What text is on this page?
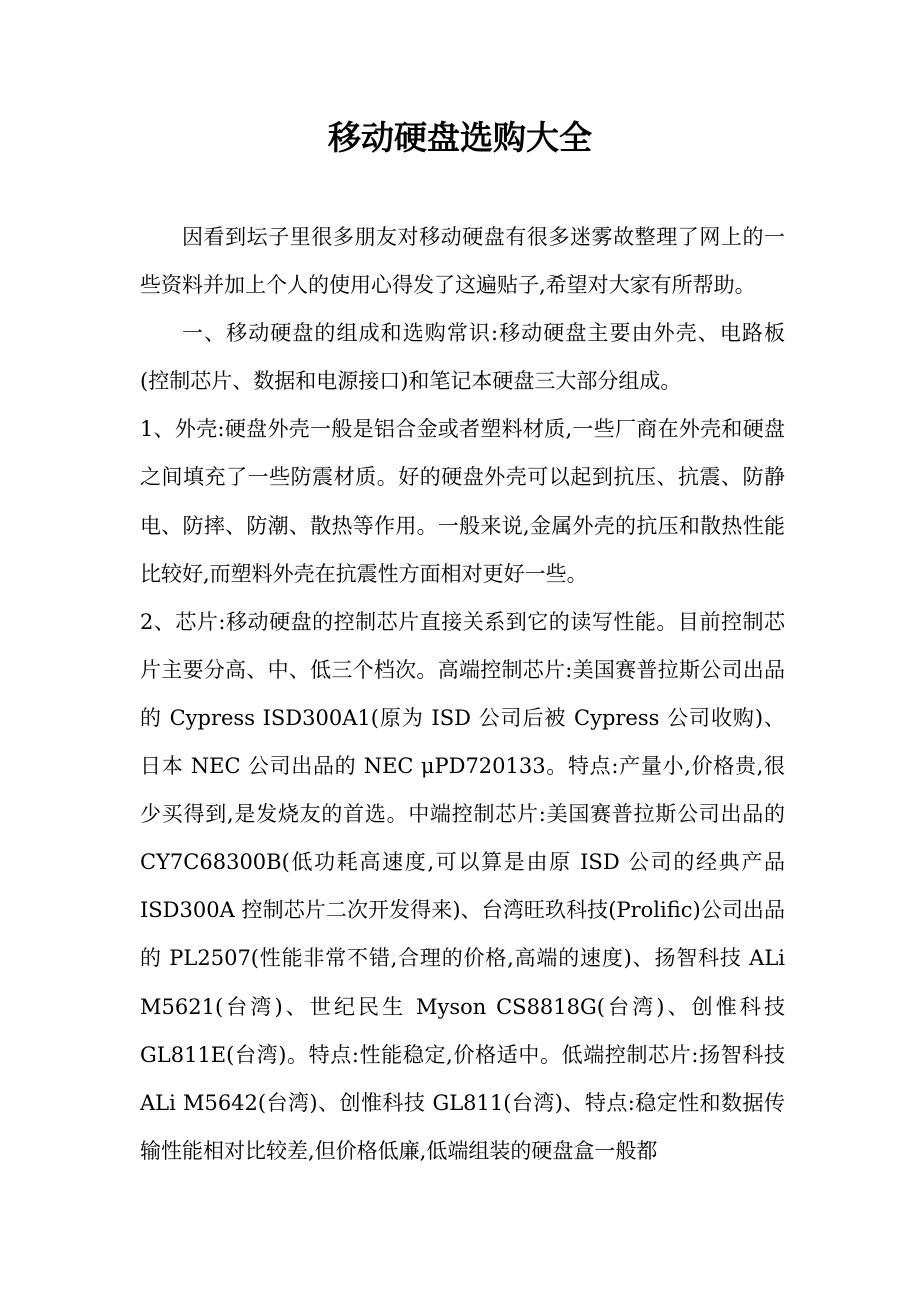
移动硬盘选购大全

因看到坛子里很多朋友对移动硬盘有很多迷雾故整理了网上的一些资料并加上个人的使用心得发了这遍贴子,希望对大家有所帮助。

一、移动硬盘的组成和选购常识:移动硬盘主要由外壳、电路板(控制芯片、数据和电源接口)和笔记本硬盘三大部分组成。

1、外壳:硬盘外壳一般是铝合金或者塑料材质,一些厂商在外壳和硬盘之间填充了一些防震材质。好的硬盘外壳可以起到抗压、抗震、防静电、防摔、防潮、散热等作用。一般来说,金属外壳的抗压和散热性能比较好,而塑料外壳在抗震性方面相对更好一些。

2、芯片:移动硬盘的控制芯片直接关系到它的读写性能。目前控制芯片主要分高、中、低三个档次。高端控制芯片:美国赛普拉斯公司出品的 Cypress ISD300A1(原为 ISD 公司后被 Cypress 公司收购)、日本 NEC 公司出品的 NEC μPD720133。特点:产量小,价格贵,很少买得到,是发烧友的首选。中端控制芯片:美国赛普拉斯公司出品的 CY7C68300B(低功耗高速度,可以算是由原 ISD 公司的经典产品 ISD300A 控制芯片二次开发得来)、台湾旺玖科技(Prolific)公司出品的 PL2507(性能非常不错,合理的价格,高端的速度)、扬智科技 ALi M5621(台湾)、世纪民生 Myson CS8818G(台湾)、创惟科技 GL811E(台湾)。特点:性能稳定,价格适中。低端控制芯片:扬智科技 ALi M5642(台湾)、创惟科技 GL811(台湾)、特点:稳定性和数据传输性能相对比较差,但价格低廉,低端组装的硬盘盒一般都
